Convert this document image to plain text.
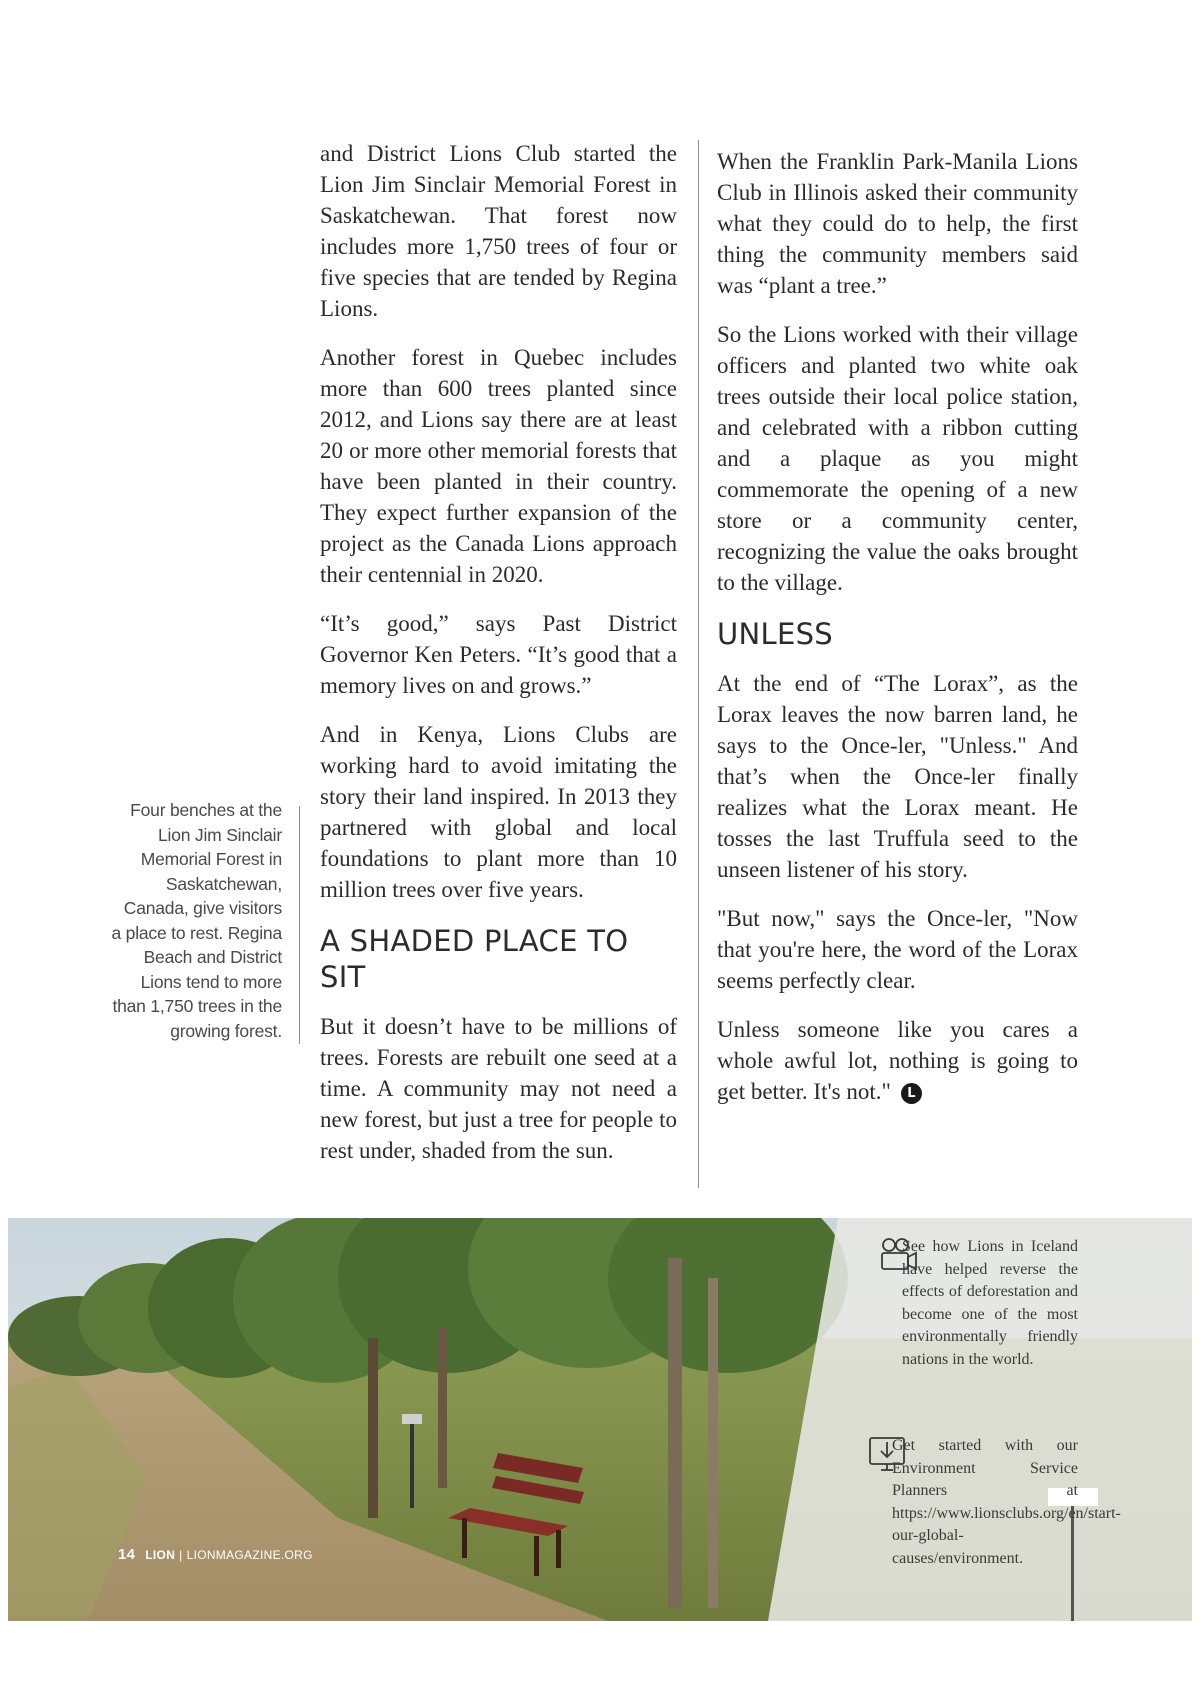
Four benches at the Lion Jim Sinclair Memorial Forest in Saskatchewan, Canada, give visitors a place to rest. Regina Beach and District Lions tend to more than 1,750 trees in the growing forest.

and District Lions Club started the Lion Jim Sinclair Memorial Forest in Saskatchewan. That forest now includes more 1,750 trees of four or five species that are tended by Regina Lions.

Another forest in Quebec includes more than 600 trees planted since 2012, and Lions say there are at least 20 or more other memorial forests that have been planted in their country. They expect further expansion of the project as the Canada Lions approach their centennial in 2020.

“It’s good,” says Past District Governor Ken Peters. “It’s good that a memory lives on and grows.”

And in Kenya, Lions Clubs are working hard to avoid imitating the story their land inspired. In 2013 they partnered with global and local foundations to plant more than 10 million trees over five years.

A SHADED PLACE TO SIT

But it doesn’t have to be millions of trees. Forests are rebuilt one seed at a time. A community may not need a new forest, but just a tree for people to rest under, shaded from the sun.

When the Franklin Park-Manila Lions Club in Illinois asked their community what they could do to help, the first thing the community members said was “plant a tree.”

So the Lions worked with their village officers and planted two white oak trees outside their local police station, and celebrated with a ribbon cutting and a plaque as you might commemorate the opening of a new store or a community center, recognizing the value the oaks brought to the village.

UNLESS

At the end of “The Lorax”, as the Lorax leaves the now barren land, he says to the Once-ler, "Unless." And that’s when the Once-ler finally realizes what the Lorax meant. He tosses the last Truffula seed to the unseen listener of his story.

"But now," says the Once-ler, "Now that you're here, the word of the Lorax seems perfectly clear.

Unless someone like you cares a whole awful lot, nothing is going to get better. It's not." L

14 LION | LIONMAGAZINE.ORG
See how Lions in Iceland have helped reverse the effects of deforestation and become one of the most environmentally friendly nations in the world.
Get started with our Environment Service Planners at https://www.lionsclubs.org/en/start-our-global-causes/environment.
